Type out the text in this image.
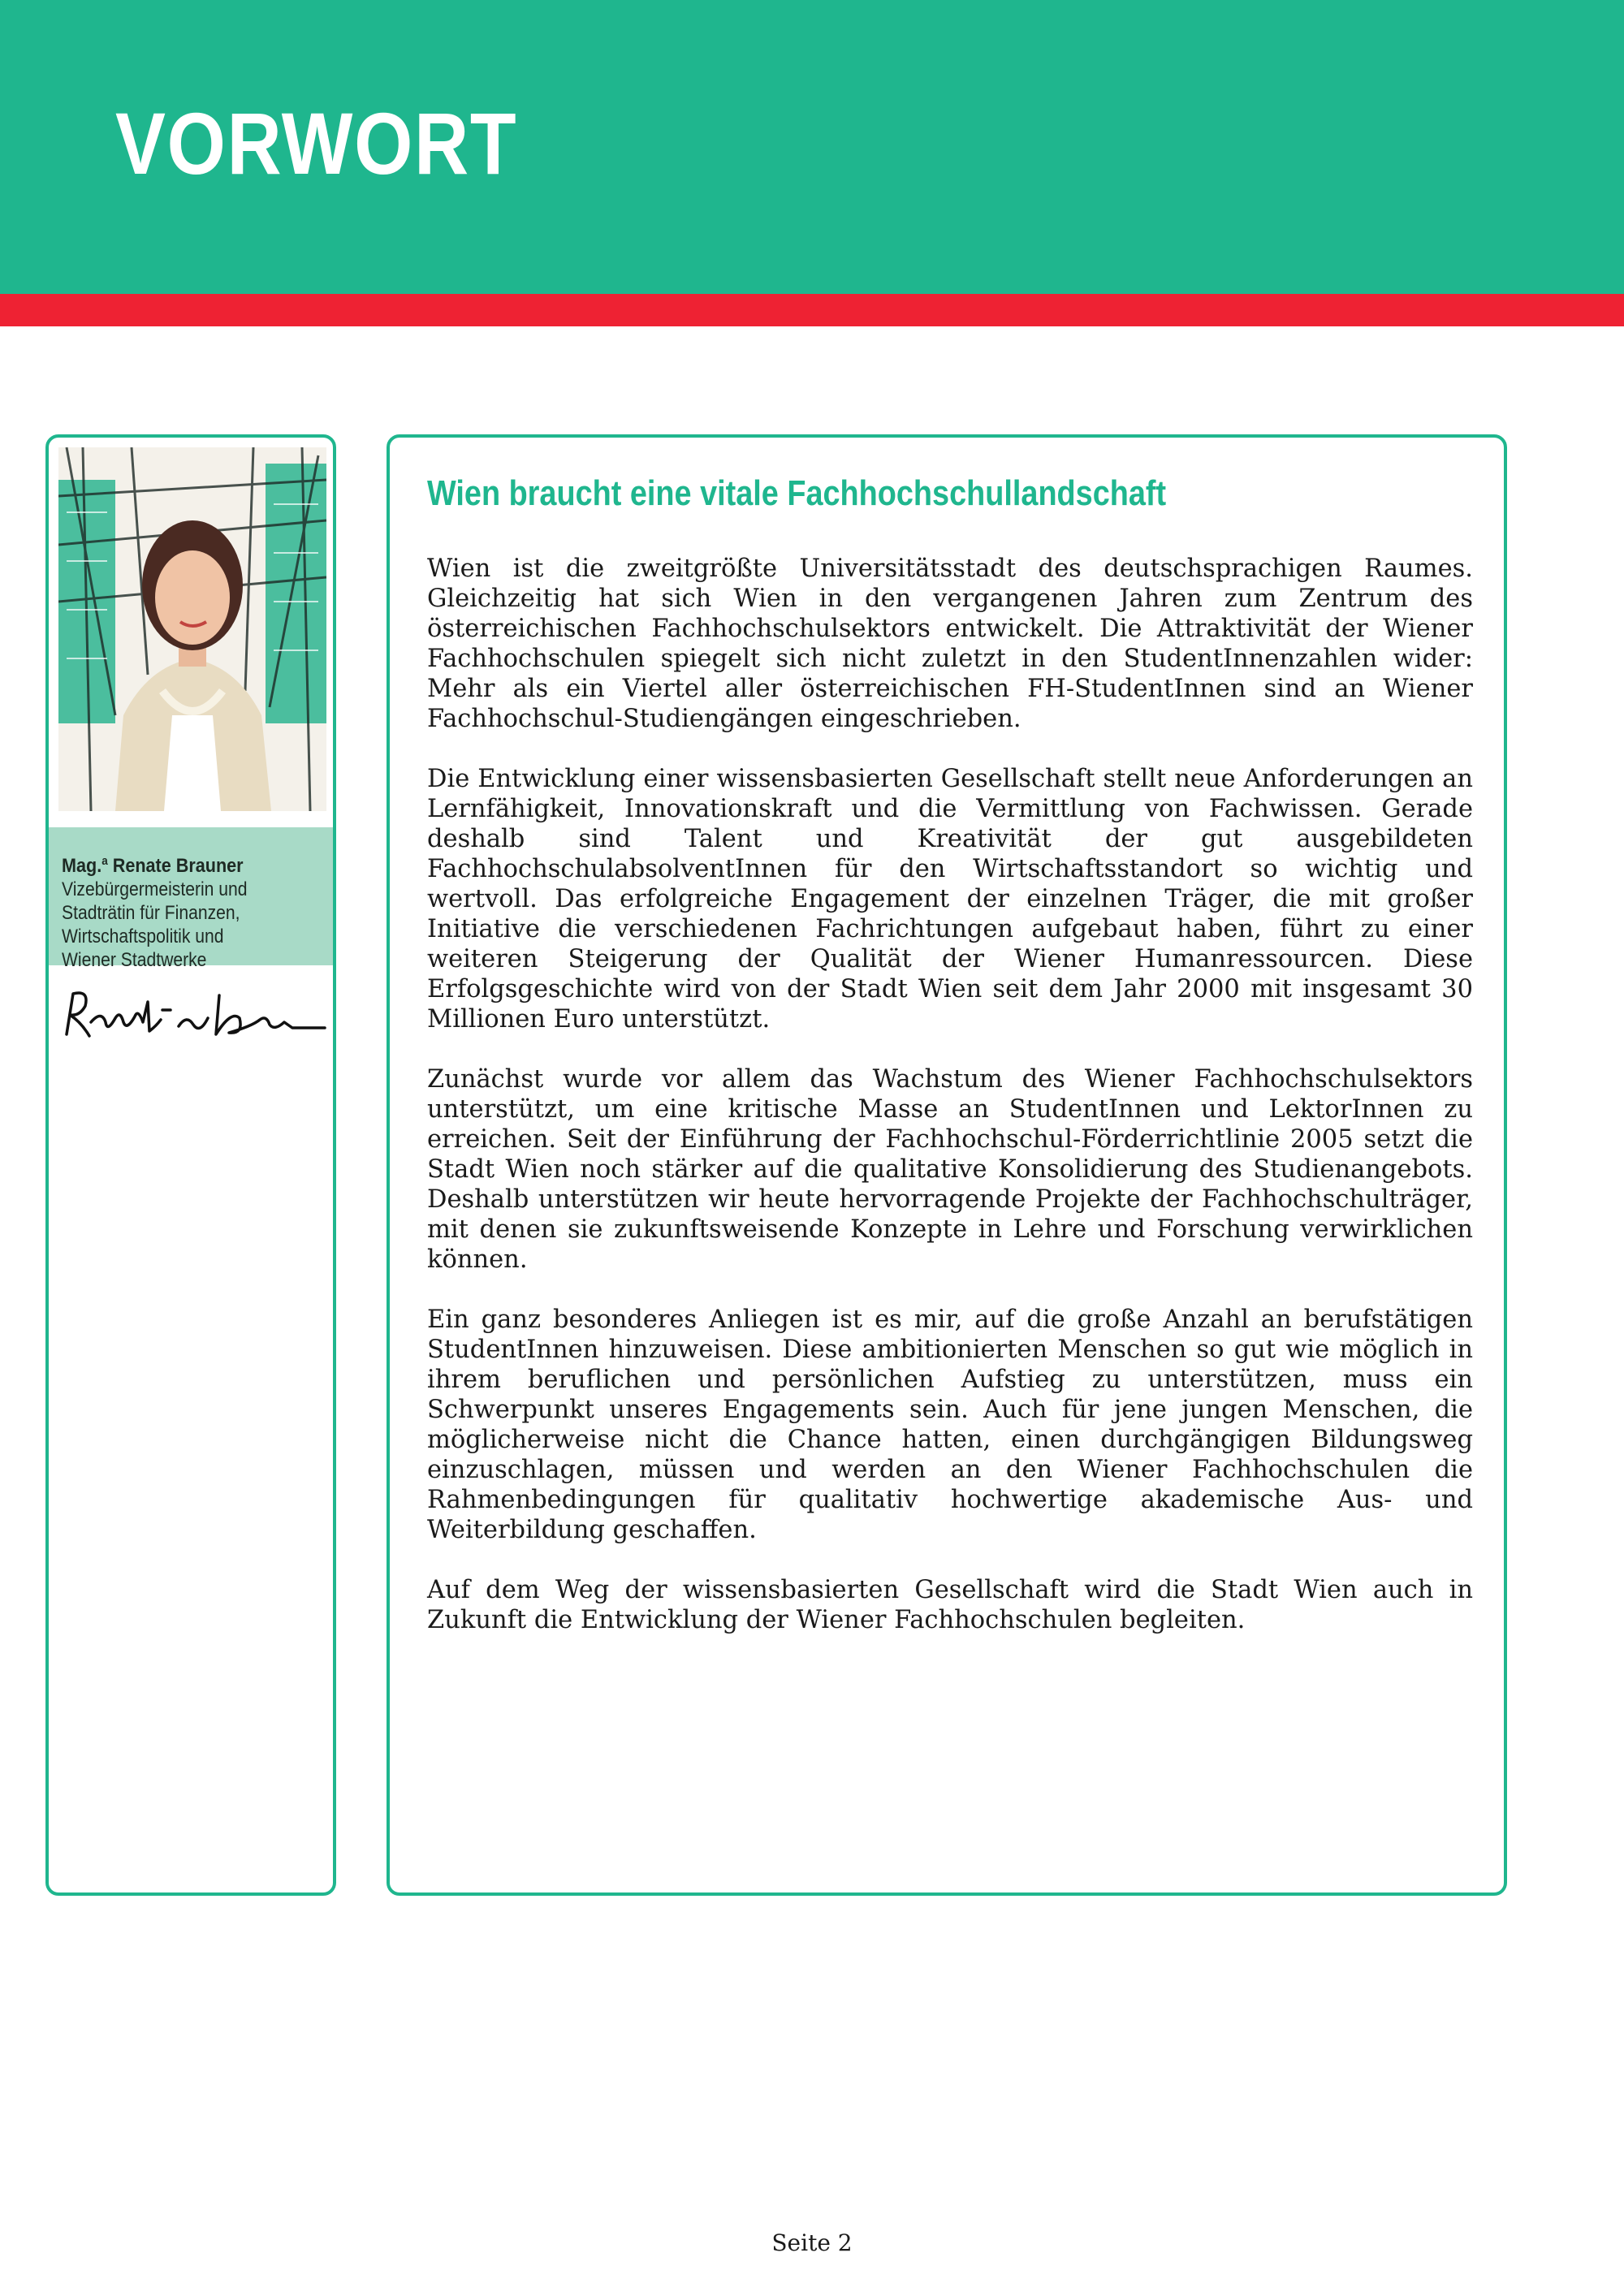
VORWORT
Mag.$^a$ Renate Brauner
Vizebürgermeisterin und
Stadträtin für Finanzen,
Wirtschaftspolitik und
Wiener Stadtwerke
Wien braucht eine vitale Fachhochschullandschaft

Wien ist die zweitgrößte Universitätsstadt des deutschsprachigen Raumes. Gleichzeitig hat sich Wien in den vergangenen Jahren zum Zentrum des österreichischen Fachhochschulsektors entwickelt. Die Attraktivität der Wiener Fachhochschulen spiegelt sich nicht zuletzt in den StudentInnenzahlen wider: Mehr als ein Viertel aller österreichischen FH-StudentInnen sind an Wiener Fachhochschul-Studiengängen eingeschrieben.

Die Entwicklung einer wissensbasierten Gesellschaft stellt neue Anforderungen an Lernfähigkeit, Innovationskraft und die Vermittlung von Fachwissen. Gerade deshalb sind Talent und Kreativität der gut ausgebildeten FachhochschulabsolventInnen für den Wirtschaftsstandort so wichtig und wertvoll. Das erfolgreiche Engagement der einzelnen Träger, die mit großer Initiative die verschiedenen Fachrichtungen aufgebaut haben, führt zu einer weiteren Steigerung der Qualität der Wiener Humanressourcen. Diese Erfolgsgeschichte wird von der Stadt Wien seit dem Jahr 2000 mit insgesamt 30 Millionen Euro unterstützt.

Zunächst wurde vor allem das Wachstum des Wiener Fachhochschulsektors unterstützt, um eine kritische Masse an StudentInnen und LektorInnen zu erreichen. Seit der Einführung der Fachhochschul-Förderrichtlinie 2005 setzt die Stadt Wien noch stärker auf die qualitative Konsolidierung des Studienangebots. Deshalb unterstützen wir heute hervorragende Projekte der Fachhochschulträger, mit denen sie zukunftsweisende Konzepte in Lehre und Forschung verwirklichen können.

Ein ganz besonderes Anliegen ist es mir, auf die große Anzahl an berufstätigen StudentInnen hinzuweisen. Diese ambitionierten Menschen so gut wie möglich in ihrem beruflichen und persönlichen Aufstieg zu unterstützen, muss ein Schwerpunkt unseres Engagements sein. Auch für jene jungen Menschen, die möglicherweise nicht die Chance hatten, einen durchgängigen Bildungsweg einzuschlagen, müssen und werden an den Wiener Fachhochschulen die Rahmenbedingungen für qualitativ hochwertige akademische Aus- und Weiterbildung geschaffen.

Auf dem Weg der wissensbasierten Gesellschaft wird die Stadt Wien auch in Zukunft die Entwicklung der Wiener Fachhochschulen begleiten.

Seite 2
